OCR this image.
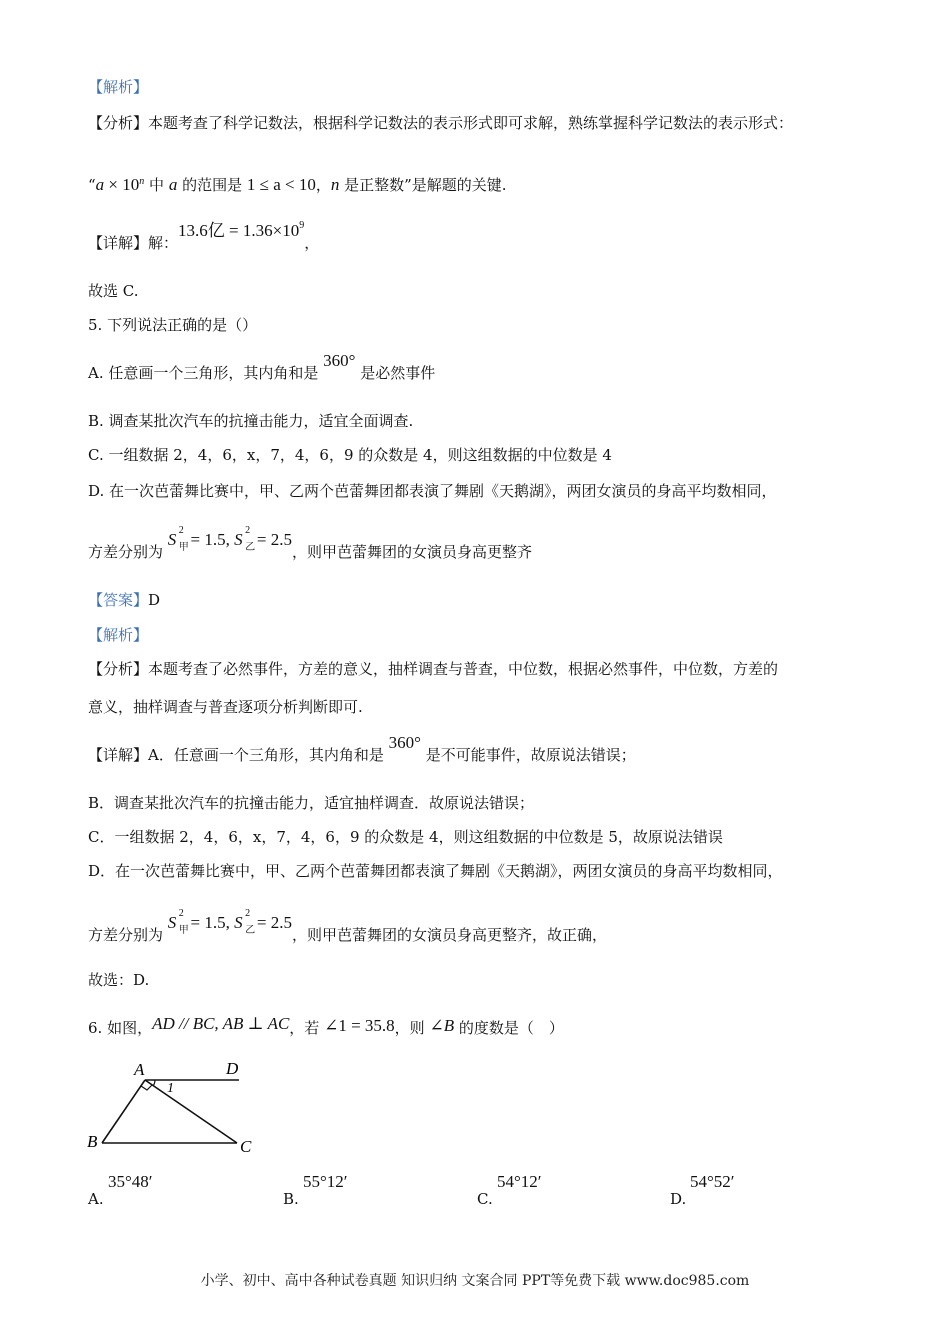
【解析】
【分析】本题考查了科学记数法，根据科学记数法的表示形式即可求解，熟练掌握科学记数法的表示形式：
“$a \times 10^n$ 中 a 的范围是 1 ≤ a < 10，n 是正整数”是解题的关键.
【详解】解：13.6亿 = $1.36\times 10^9$，
故选 C.
5. 下列说法正确的是（）
A. 任意画一个三角形，其内角和是 360° 是必然事件
B. 调查某批次汽车的抗撞击能力，适宜全面调查.
C. 一组数据 2，4，6，x，7，4，6，9 的众数是 4，则这组数据的中位数是 4
D. 在一次芭蕾舞比赛中，甲、乙两个芭蕾舞团都表演了舞剧《天鹅湖》，两团女演员的身高平均数相同，
方差分别为 S 2
甲
= 1.5, S 2
乙
= 2.5，则甲芭蕾舞团的女演员身高更整齐
【答案】D
【解析】
【分析】本题考查了必然事件，方差的意义，抽样调查与普查，中位数，根据必然事件，中位数，方差的
意义，抽样调查与普查逐项分析判断即可.
【详解】A．任意画一个三角形，其内角和是 360° 是不可能事件，故原说法错误；
B．调查某批次汽车的抗撞击能力，适宜抽样调查．故原说法错误；
C．一组数据 2，4，6，x，7，4，6，9 的众数是 4，则这组数据的中位数是 5，故原说法错误
D．在一次芭蕾舞比赛中，甲、乙两个芭蕾舞团都表演了舞剧《天鹅湖》，两团女演员的身高平均数相同，
方差分别为 S 2
甲
= 1.5, S 2
乙
= 2.5，则甲芭蕾舞团的女演员身高更整齐，故正确，
故选：D.
6. 如图，AD // BC, AB ⊥ AC，若 ∠1 = 35.8，则 ∠B 的度数是（　）
A	D
B	C
1
A.
35°48′
B.
55°12′
C.
54°12′
D.
54°52′
小学、初中、高中各种试卷真题 知识归纳 文案合同 PPT等免费下载 www.doc985.com
